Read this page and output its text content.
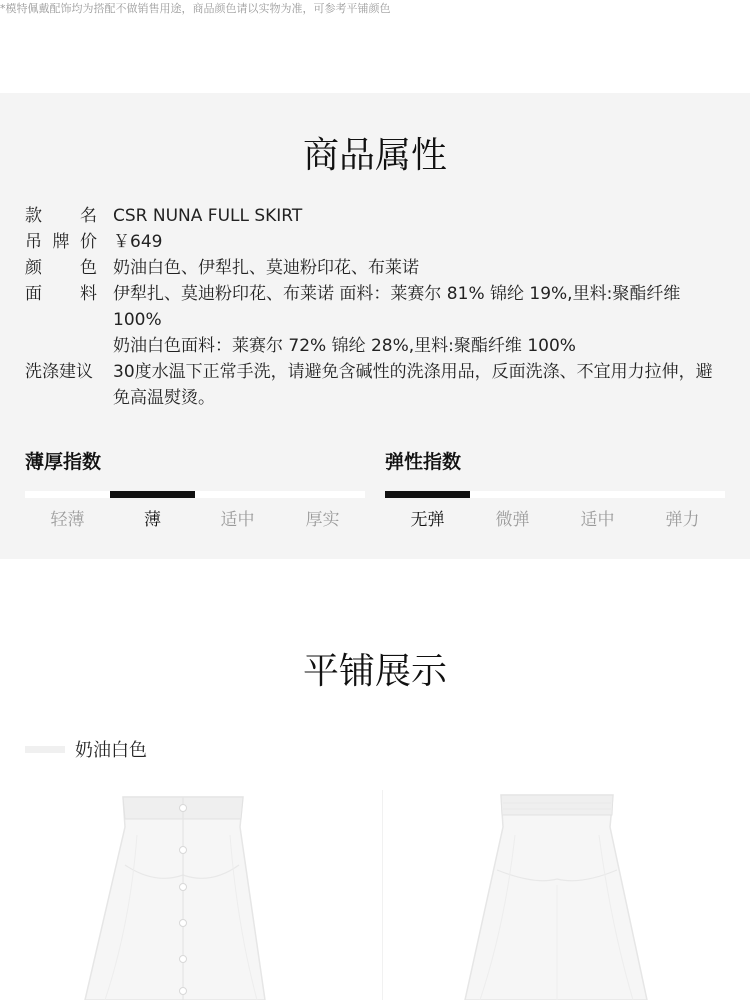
*模特佩戴配饰均为搭配不做销售用途，商品颜色请以实物为准，可参考平铺颜色
商品属性
款 名 CSR NUNA FULL SKIRT
吊 牌 价 ￥649
颜 色 奶油白色、伊犁扎、莫迪粉印花、布莱诺
面 料 伊犁扎、莫迪粉印花、布莱诺 面料：莱赛尔 81% 锦纶 19%,里料:聚酯纤维 100%
奶油白色面料：莱赛尔 72% 锦纶 28%,里料:聚酯纤维 100%
洗涤建议	30度水温下正常手洗，请避免含碱性的洗涤用品，反面洗涤、不宜用力拉伸，避免高温熨烫。
薄厚指数
轻薄	薄	适中	厚实
弹性指数
无弹	微弹	适中	弹力
平铺展示
奶油白色
